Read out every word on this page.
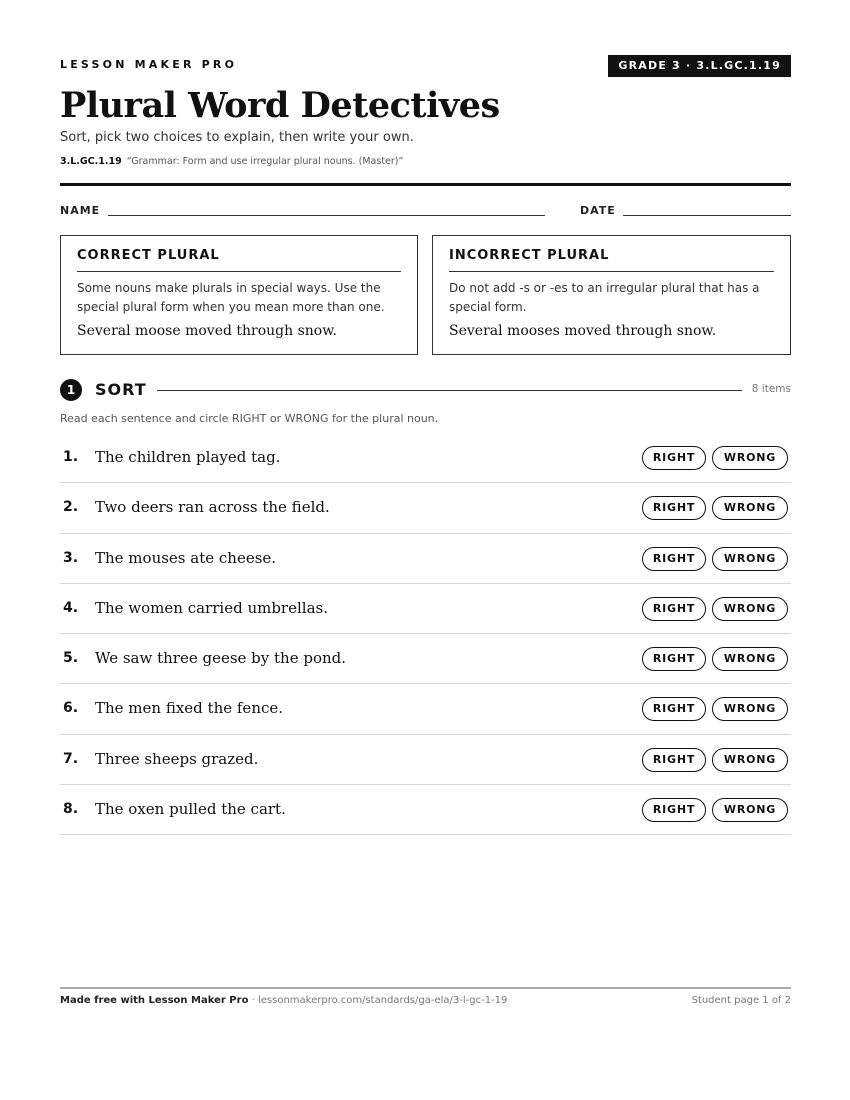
LESSON MAKER PRO	GRADE 3 · 3.L.GC.1.19
Plural Word Detectives
Sort, pick two choices to explain, then write your own.
3.L.GC.1.19 “Grammar: Form and use irregular plural nouns. (Master)”
NAME	DATE
CORRECT PLURAL
Some nouns make plurals in special ways. Use the special plural form when you mean more than one.
Several moose moved through snow.
INCORRECT PLURAL
Do not add -s or -es to an irregular plural that has a special form.
Several mooses moved through snow.
1	SORT	8 items
Read each sentence and circle RIGHT or WRONG for the plural noun.
1. The children played tag.	RIGHT	WRONG
2. Two deers ran across the field.	RIGHT	WRONG
3. The mouses ate cheese.	RIGHT	WRONG
4. The women carried umbrellas.	RIGHT	WRONG
5. We saw three geese by the pond.	RIGHT	WRONG
6. The men fixed the fence.	RIGHT	WRONG
7. Three sheeps grazed.	RIGHT	WRONG
8. The oxen pulled the cart.	RIGHT	WRONG
Made free with Lesson Maker Pro · lessonmakerpro.com/standards/ga-ela/3-l-gc-1-19	Student page 1 of 2
